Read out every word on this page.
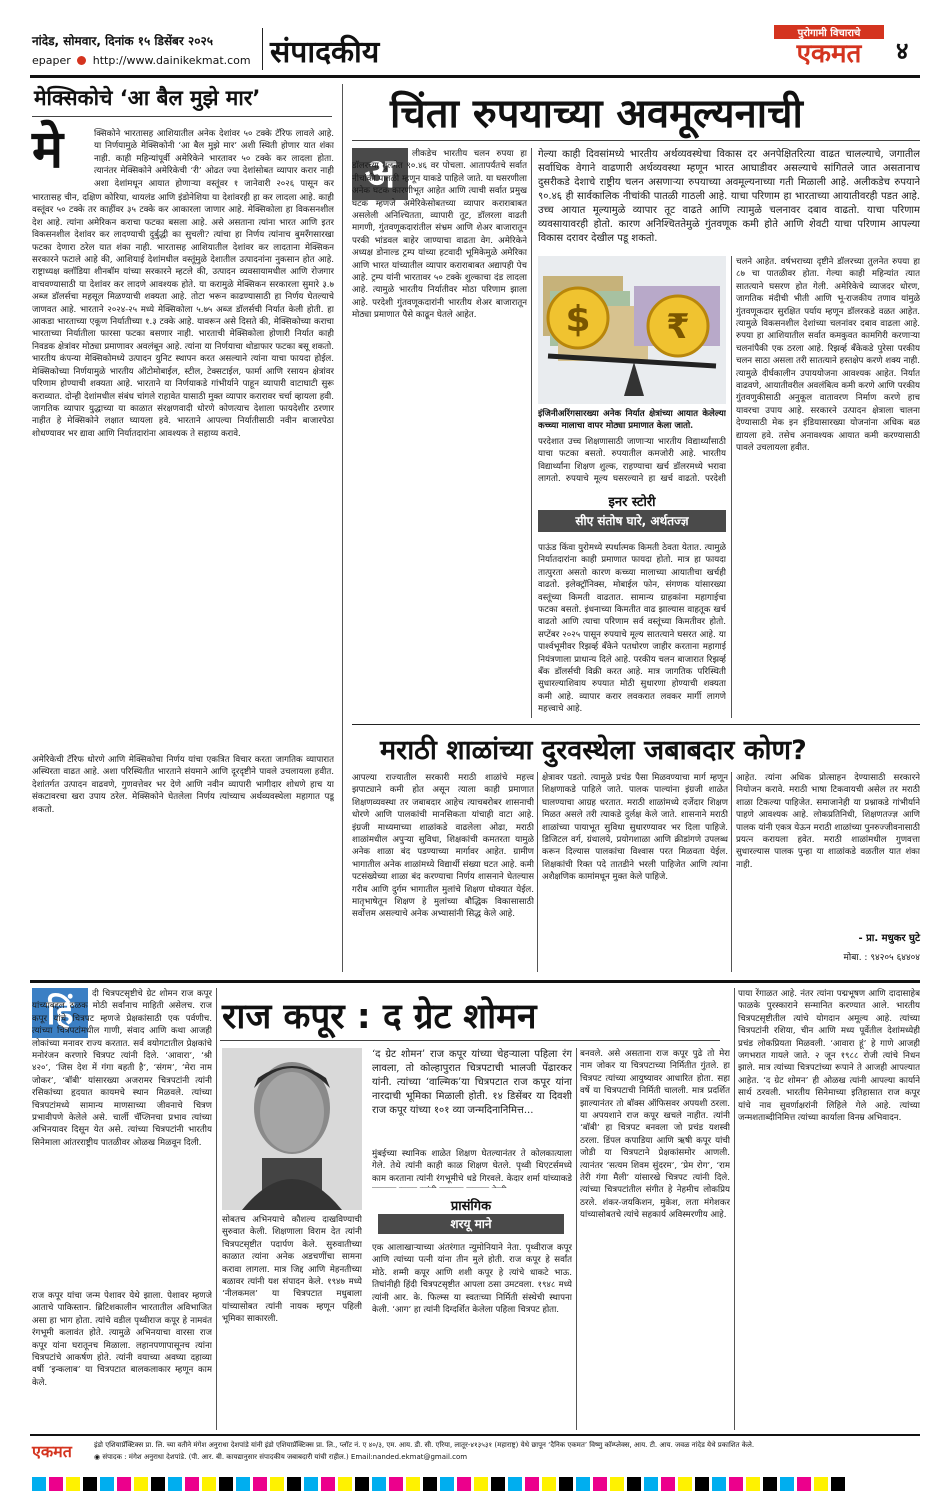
नांदेड, सोमवार, दिनांक १५ डिसेंबर २०२५
epaper http://www.dainikekmat.com संपादकीय
पुरोगामी विचाराचे
एकमत	४
मेक्सिकोचे ‘आ बैल मुझे मार’
मे	क्सिकोने भारतासह आशियातील अनेक देशांवर ५० टक्के टॅरिफ लावले आहे. या निर्णयामुळे मेक्सिकोनी ‘आ बैल मुझे मार’ अशी स्थिती होणार यात शंका नाही. काही महिन्यांपूर्वी अमेरिकेने भारतावर ५० टक्के कर लादला होता. त्यानंतर मेक्सिकोने अमेरिकेची ‘री’ ओढत ज्या देशांसोबत व्यापार करार नाही अशा देशांमधून आयात होणाऱ्या वस्तूंवर १ जानेवारी २०२६ पासून कर
भारतासह चीन, दक्षिण कोरिया, थायलंड आणि इंडोनेशिया या देशांवरही हा कर लादला आहे. काही वस्तूंवर ५० टक्के तर काहींवर ३५ टक्के कर आकारला जाणार आहे. मेक्सिकोला हा विकसनशील देश आहे. त्यांना अमेरिकन कराचा फटका बसला आहे. असे असताना त्यांना भारत आणि इतर विकसनशील देशांवर कर लादण्याची दुर्बुद्धी का सुचली? त्यांचा हा निर्णय त्यांनाच बुमरँगसारखा फटका देणारा ठरेल यात शंका नाही. भारतासह आशियातील देशांवर कर लादताना मेक्सिकन सरकारने फटाले आहे की, आशियाई देशांमधील वस्तूंमुळे देशातील उत्पादनांना नुकसान होत आहे. राष्ट्राध्यक्ष क्लॉडिया शीनबॉम यांच्या सरकारने म्हटले की, उत्पादन व्यवसायामधील आणि रोजगार वाचवण्यासाठी या देशांवर कर लादणे आवश्यक होते. या करामुळे मेक्सिकन सरकारला सुमारे ३.७ अब्ज डॉलर्सचा महसूल मिळण्याची शक्यता आहे. तोटा भरून काढण्यासाठी हा निर्णय घेतल्याचे जाणवत आहे. भारताने २०२४-२५ मध्ये मेक्सिकोला ५.७५ अब्ज डॉलर्सची निर्यात केली होती. हा आकडा भारताच्या एकूण निर्यातीच्या १.३ टक्के आहे. यावरून असे दिसते की, मेक्सिकोच्या कराचा भारताच्या निर्यातीला फारसा फटका बसणार नाही. भारताची मेक्सिकोला होणारी निर्यात काही निवडक क्षेत्रांवर मोठ्या प्रमाणावर अवलंबून आहे. त्यांना या निर्णयाचा थोडाफार फटका बसू शकतो. भारतीय कंपन्या मेक्सिकोमध्ये उत्पादन युनिट स्थापन करत असल्याने त्यांना याचा फायदा होईल. मेक्सिकोच्या निर्णयामुळे भारतीय ऑटोमोबाईल, स्टील, टेक्सटाईल, फार्मा आणि रसायन क्षेत्रांवर परिणाम होण्याची शक्यता आहे. भारताने या निर्णयाकडे गांभीर्याने पाहून व्यापारी वाटाघाटी सुरू कराव्यात. दोन्ही देशांमधील संबंध चांगले राहावेत यासाठी मुक्त व्यापार करारावर चर्चा व्हायला हवी. जागतिक व्यापार युद्धाच्या या काळात संरक्षणवादी धोरणे कोणत्याच देशाला फायदेशीर ठरणार नाहीत हे मेक्सिकोने लक्षात घ्यायला हवे. भारताने आपल्या निर्यातीसाठी नवीन बाजारपेठा शोधण्यावर भर द्यावा आणि निर्यातदारांना आवश्यक ते सहाय्य करावे.
अमेरिकेची टॅरिफ धोरणे आणि मेक्सिकोचा निर्णय यांचा एकत्रित विचार करता जागतिक व्यापारात अस्थिरता वाढत आहे. अशा परिस्थितीत भारताने संयमाने आणि दूरदृष्टीने पावले उचलायला हवीत. देशांतर्गत उत्पादन वाढवणे, गुणवत्तेवर भर देणे आणि नवीन व्यापारी भागीदार शोधणे हाच या संकटावरचा खरा उपाय ठरेल. मेक्सिकोने घेतलेला निर्णय त्यांच्याच अर्थव्यवस्थेला महागात पडू शकतो.
चिंता रुपयाच्या अवमूल्यनाची
अ	लीकडेच भारतीय चलन रुपया हा डॉलरच्या तुलनेत ९०.४६ वर पोचला. आतापर्यंतचे सर्वात नीचांकी पातळी म्हणून याकडे पाहिले जाते. या घसरणीला अनेक घटक कारणीभूत आहेत आणि त्याची सर्वात प्रमुख घटक म्हणजे अमेरिकेसोबतच्या व्यापार कराराबाबत असलेली अनिश्चितता, व्यापारी तूट, डॉलरला वाढती मागणी, गुंतवणूकदारांतील संभ्रम आणि शेअर बाजारातून परकी भांडवल बाहेर जाण्याचा वाढता वेग. अमेरिकेने अध्यक्ष डोनाल्ड ट्रम्प यांच्या हटवादी भूमिकेमुळे अमेरिका आणि भारत यांच्यातील व्यापार कराराबाबत अद्यापही पेच आहे. ट्रम्प यांनी भारतावर ५० टक्के शुल्काचा दंड लादला आहे. त्यामुळे भारतीय निर्यातीवर मोठा परिणाम झाला आहे. परदेशी गुंतवणूकदारांनी भारतीय शेअर बाजारातून मोठ्या प्रमाणात पैसे काढून घेतले आहेत.
गेल्या काही दिवसांमध्ये भारतीय अर्थव्यवस्थेचा विकास दर अनपेक्षितरित्या वाढत चालल्याचे, जगातील सर्वाधिक वेगाने वाढणारी अर्थव्यवस्था म्हणून भारत आघाडीवर असल्याचे सांगितले जात असतानाच दुसरीकडे देशाचे राष्ट्रीय चलन असणाऱ्या रुपयाच्या अवमूल्यनाच्या गती मिळाली आहे. अलीकडेच रुपयाने ९०.४६ ही सार्वकालिक नीचांकी पातळी गाठली आहे. याचा परिणाम हा भारताच्या आयातीवरही पडत आहे. उच्च आयात मूल्यामुळे व्यापार तूट वाढते आणि त्यामुळे चलनावर दबाव वाढतो. याचा परिणाम व्यवसायावरही होतो. कारण अनिश्चिततेमुळे गुंतवणूक कमी होते आणि शेवटी याचा परिणाम आपल्या विकास दरावर देखील पडू शकतो.
$ ₹
इंजिनीअरिंगसारख्या अनेक निर्यात क्षेत्रांच्या आयात केलेल्या कच्च्या मालाचा वापर मोठ्या प्रमाणात केला जातो.
परदेशात उच्च शिक्षणासाठी जाणाऱ्या भारतीय विद्यार्थ्यांसाठी याचा फटका बसतो. रुपयातील कमजोरी आहे. भारतीय विद्यार्थ्यांना शिक्षण शुल्क, राहण्याचा खर्च डॉलरमध्ये भरावा लागतो. रुपयाचे मूल्य घसरल्याने हा खर्च वाढतो. परदेशी
इनर स्टोरी
सीए संतोष घारे, अर्थतज्ज्ञ
पाऊंड किंवा युरोमध्ये स्पर्धात्मक किमती ठेवता येतात. त्यामुळे निर्यातदारांना काही प्रमाणात फायदा होतो. मात्र हा फायदा तात्पुरता असतो कारण कच्च्या मालाच्या आयातीचा खर्चही वाढतो. इलेक्ट्रॉनिक्स, मोबाईल फोन, संगणक यांसारख्या वस्तूंच्या किमती वाढतात. सामान्य ग्राहकांना महागाईचा फटका बसतो. इंधनाच्या किमतीत वाढ झाल्यास वाहतूक खर्च वाढतो आणि त्याचा परिणाम सर्व वस्तूंच्या किमतीवर होतो. सप्टेंबर २०२५ पासून रुपयाचे मूल्य सातत्याने घसरत आहे. या पार्श्वभूमीवर रिझर्व्ह बँकेने पतधोरण जाहीर करताना महागाई नियंत्रणाला प्राधान्य दिले आहे. परकीय चलन बाजारात रिझर्व्ह बँक डॉलर्सची विक्री करत आहे. मात्र जागतिक परिस्थिती सुधारल्याशिवाय रुपयात मोठी सुधारणा होण्याची शक्यता कमी आहे. व्यापार करार लवकरात लवकर मार्गी लागणे महत्त्वाचे आहे.
चलने आहेत. वर्षभराच्या दृष्टीने डॉलरच्या तुलनेत रुपया हा ८७ चा पातळीवर होता. गेल्या काही महिन्यांत त्यात सातत्याने घसरण होत गेली. अमेरिकेचे व्याजदर धोरण, जागतिक मंदीची भीती आणि भू-राजकीय तणाव यांमुळे गुंतवणूकदार सुरक्षित पर्याय म्हणून डॉलरकडे वळत आहेत. त्यामुळे विकसनशील देशांच्या चलनांवर दबाव वाढला आहे. रुपया हा आशियातील सर्वात कमकुवत कामगिरी करणाऱ्या चलनांपैकी एक ठरला आहे. रिझर्व्ह बँकेकडे पुरेसा परकीय चलन साठा असला तरी सातत्याने हस्तक्षेप करणे शक्य नाही. त्यामुळे दीर्घकालीन उपाययोजना आवश्यक आहेत. निर्यात वाढवणे, आयातीवरील अवलंबित्व कमी करणे आणि परकीय गुंतवणुकीसाठी अनुकूल वातावरण निर्माण करणे हाच यावरचा उपाय आहे. सरकारने उत्पादन क्षेत्राला चालना देण्यासाठी मेक इन इंडियासारख्या योजनांना अधिक बळ द्यायला हवे. तसेच अनावश्यक आयात कमी करण्यासाठी पावले उचलायला हवीत.
मराठी शाळांच्या दुरवस्थेला जबाबदार कोण?
आपल्या राज्यातील सरकारी मराठी शाळांचे महत्त्व झपाट्याने कमी होत असून त्याला काही प्रमाणात शिक्षणव्यवस्था तर जबाबदार आहेच त्याचबरोबर शासनाची धोरणे आणि पालकांची मानसिकता यांचाही वाटा आहे. इंग्रजी माध्यमाच्या शाळांकडे वाढलेला ओढा, मराठी शाळांमधील अपुऱ्या सुविधा, शिक्षकांची कमतरता यामुळे अनेक शाळा बंद पडण्याच्या मार्गावर आहेत. ग्रामीण भागातील अनेक शाळांमध्ये विद्यार्थी संख्या घटत आहे. कमी पटसंख्येच्या शाळा बंद करण्याचा निर्णय शासनाने घेतल्यास गरीब आणि दुर्गम भागातील मुलांचे शिक्षण धोक्यात येईल. मातृभाषेतून शिक्षण हे मुलांच्या बौद्धिक विकासासाठी सर्वोत्तम असल्याचे अनेक अभ्यासांनी सिद्ध केले आहे.
क्षेत्रावर पडतो. त्यामुळे प्रचंड पैसा मिळवण्याचा मार्ग म्हणून शिक्षणाकडे पाहिले जाते. पालक पाल्यांना इंग्रजी शाळेत घालण्याचा आग्रह धरतात. मराठी शाळांमध्ये दर्जेदार शिक्षण मिळत असले तरी त्याकडे दुर्लक्ष केले जाते. शासनाने मराठी शाळांच्या पायाभूत सुविधा सुधारण्यावर भर दिला पाहिजे. डिजिटल वर्ग, ग्रंथालये, प्रयोगशाळा आणि क्रीडांगणे उपलब्ध करून दिल्यास पालकांचा विश्वास परत मिळवता येईल. शिक्षकांची रिक्त पदे तातडीने भरली पाहिजेत आणि त्यांना अशैक्षणिक कामांमधून मुक्त केले पाहिजे.
आहेत. त्यांना अधिक प्रोत्साहन देण्यासाठी सरकारने नियोजन करावे. मराठी भाषा टिकवायची असेल तर मराठी शाळा टिकल्या पाहिजेत. समाजानेही या प्रश्नाकडे गांभीर्याने पाहणे आवश्यक आहे. लोकप्रतिनिधी, शिक्षणतज्ज्ञ आणि पालक यांनी एकत्र येऊन मराठी शाळांच्या पुनरुज्जीवनासाठी प्रयत्न करायला हवेत. मराठी शाळांमधील गुणवत्ता सुधारल्यास पालक पुन्हा या शाळांकडे वळतील यात शंका नाही.
- प्रा. मधुकर घुटे
मोबा. : ९४२०५ ६४४०४
हिं	दी चित्रपटसृष्टीचे ग्रेट शोमन राज कपूर यांच्याबद्दल ठळक मोठी सर्वांनाच माहिती असेलच. राज कपूर यांचे चित्रपट म्हणजे प्रेक्षकांसाठी एक पर्वणीच. त्यांच्या चित्रपटांमधील गाणी, संवाद आणि कथा आजही लोकांच्या मनावर राज्य करतात. सर्व वयोगटातील प्रेक्षकांचे मनोरंजन करणारे चित्रपट त्यांनी दिले. ‘आवारा’, ‘श्री ४२०’, ‘जिस देश में गंगा बहती है’, ‘संगम’, ‘मेरा नाम जोकर’, ‘बॉबी’ यांसारख्या अजरामर चित्रपटांनी त्यांनी रसिकांच्या हृदयात कायमचे स्थान मिळवले. त्यांच्या चित्रपटांमध्ये सामान्य माणसाच्या जीवनाचे चित्रण प्रभावीपणे केलेले असे. चार्ली चॅप्लिनचा प्रभाव त्यांच्या अभिनयावर दिसून येत असे. त्यांच्या चित्रपटांनी भारतीय सिनेमाला आंतरराष्ट्रीय पातळीवर ओळख मिळवून दिली.
राज कपूर यांचा जन्म पेशावर येथे झाला. पेशावर म्हणजे आताचे पाकिस्तान. ब्रिटिशकालीन भारतातील अविभाजित असा हा भाग होता. त्यांचे वडील पृथ्वीराज कपूर हे नामवंत रंगभूमी कलावंत होते. त्यामुळे अभिनयाचा वारसा राज कपूर यांना घरातूनच मिळाला. लहानपणापासूनच त्यांना चित्रपटांचे आकर्षण होते. त्यांनी वयाच्या अवघ्या दहाव्या वर्षी ‘इन्कलाब’ या चित्रपटात बालकलाकार म्हणून काम केले.
राज कपूर : द ग्रेट शोमन
‘द ग्रेट शोमन’ राज कपूर यांच्या चेहऱ्याला पहिला रंग लावला, तो कोल्हापुरात चित्रपटाची भालजी पेंढारकर यांनी. त्यांच्या ‘वाल्मिक’या चित्रपटात राज कपूर यांना नारदाची भूमिका मिळाली होती. १४ डिसेंबर या दिवशी राज कपूर यांच्या १०१ व्या जन्मदिनानिमित्त...
मुंबईच्या स्थानिक शाळेत शिक्षण घेतल्यानंतर ते कोलकात्याला गेले. तेथे त्यांनी काही काळ शिक्षण घेतले. पृथ्वी थिएटर्समध्ये काम करताना त्यांनी रंगभूमीचे धडे गिरवले. केदार शर्मा यांच्याकडे
प्रासंगिक
शरयू माने
सोबतच अभिनयाचे कौशल्य दाखविण्याची सुरुवात केली. शिक्षणाला विराम देत त्यांनी चित्रपटसृष्टीत पदार्पण केले. सुरुवातीच्या काळात त्यांना अनेक अडचणींचा सामना करावा लागला. मात्र जिद्द आणि मेहनतीच्या बळावर त्यांनी यश संपादन केले. १९४७ मध्ये ‘नीलकमल’ या चित्रपटात मधुबाला यांच्यासोबत त्यांनी नायक म्हणून पहिली भूमिका साकारली.
एक आलाखाऱ्याच्या अंतरंगात न्युमोनियाने नेता. पृथ्वीराज कपूर आणि त्यांच्या पत्नी यांना तीन मुले होती. राज कपूर हे सर्वांत मोठे. शम्मी कपूर आणि शशी कपूर हे त्यांचे धाकटे भाऊ. तिघांनीही हिंदी चित्रपटसृष्टीत आपला ठसा उमटवला. १९४८ मध्ये त्यांनी आर. के. फिल्म्स या स्वतःच्या निर्मिती संस्थेची स्थापना केली. ‘आग’ हा त्यांनी दिग्दर्शित केलेला पहिला चित्रपट होता.
बनवले. असे असताना राज कपूर पुढे तो मेरा नाम जोकर या चित्रपटाच्या निर्मितीत गुंतले. हा चित्रपट त्यांच्या आयुष्यावर आधारित होता. सहा वर्षे या चित्रपटाची निर्मिती चालली. मात्र प्रदर्शित झाल्यानंतर तो बॉक्स ऑफिसवर अपयशी ठरला. या अपयशाने राज कपूर खचले नाहीत. त्यांनी ‘बॉबी’ हा चित्रपट बनवला जो प्रचंड यशस्वी ठरला. डिंपल कपाडिया आणि ऋषी कपूर यांची जोडी या चित्रपटाने प्रेक्षकांसमोर आणली. त्यानंतर ‘सत्यम शिवम सुंदरम’, ‘प्रेम रोग’, ‘राम तेरी गंगा मैली’ यांसारखे चित्रपट त्यांनी दिले. त्यांच्या चित्रपटांतील संगीत हे नेहमीच लोकप्रिय ठरले. शंकर-जयकिशन, मुकेश, लता मंगेशकर यांच्यासोबतचे त्यांचे सहकार्य अविस्मरणीय आहे.
पाया रेंगाळत आहे. नंतर त्यांना पद्मभूषण आणि दादासाहेब फाळके पुरस्काराने सन्मानित करण्यात आले. भारतीय चित्रपटसृष्टीतील त्यांचे योगदान अमूल्य आहे. त्यांच्या चित्रपटांनी रशिया, चीन आणि मध्य पूर्वेतील देशांमध्येही प्रचंड लोकप्रियता मिळवली. ‘आवारा हूं’ हे गाणे आजही जगभरात गायले जाते. २ जून १९८८ रोजी त्यांचे निधन झाले. मात्र त्यांच्या चित्रपटांच्या रूपाने ते आजही आपल्यात आहेत. ‘द ग्रेट शोमन’ ही ओळख त्यांनी आपल्या कार्याने सार्थ ठरवली. भारतीय सिनेमाच्या इतिहासात राज कपूर यांचे नाव सुवर्णाक्षरांनी लिहिले गेले आहे. त्यांच्या जन्मशताब्दीनिमित्त त्यांच्या कार्याला विनम्र अभिवादन.
एकमत	इंडो एशियाप्रॅक्टिक्स प्रा. लि. च्या वतीने मंगेश अनुराधा देशपांडे यांनी इंडो एशियाप्रॅक्टिक्स प्रा. लि., प्लॉट नं. ए ४०/३, एम. आय. डी. सी. एरिया, लातूर-४१३५३१ (महाराष्ट्र) येथे छापून ‘दैनिक एकमत’ विष्णु कॉम्प्लेक्स, आय. टी. आय. जवळ नांदेड येथे प्रकाशित केले.
◉ संपादक : मंगेश अनुराधा देशपांडे. (पी. आर. बी. कायद्यानुसार संपादकीय जबाबदारी यांची राहील.) Email:nanded.ekmat@gmail.com
